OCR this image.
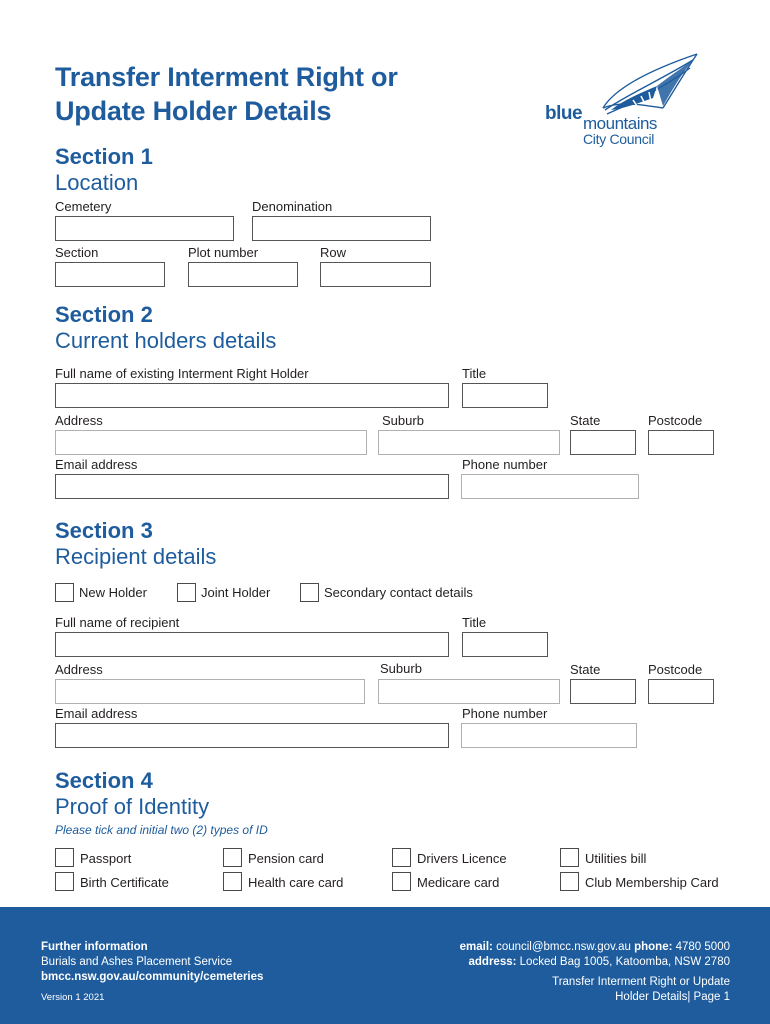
Transfer Interment Right or
Update Holder Details	blue mountains
City Council
Section 1
Location
Cemetery	Denomination
Section	Plot number	Row
Section 2
Current holders details
Full name of existing Interment Right Holder	Title
Address	Suburb	State	Postcode
Email address	Phone number
Section 3
Recipient details
New Holder	Joint Holder	Secondary contact details
Full name of recipient	Title
Address	Suburb	State	Postcode
Email address	Phone number
Section 4
Proof of Identity
Please tick and initial two (2) types of ID
Passport	Pension card	Drivers Licence	Utilities bill
Birth Certificate	Health care card	Medicare card	Club Membership Card
Further information
Burials and Ashes Placement Service
bmcc.nsw.gov.au/community/cemeteries
Version 1 2021
email: council@bmcc.nsw.gov.au phone: 4780 5000
address: Locked Bag 1005, Katoomba, NSW 2780
Transfer Interment Right or Update
Holder Details| Page 1
